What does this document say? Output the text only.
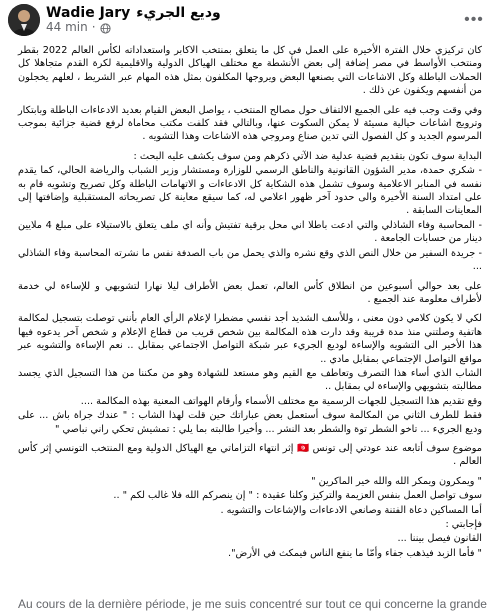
Wadie Jary وديع الجريء
44 min ·	•••

كان تركيزي خلال الفترة الأخيرة على العمل في كل ما يتعلق بمنتخب الاكابر واستعداداته لكأس العالم 2022 بقطر ومنتخب الأواسط في مصر إضافة إلى بعض الأنشطة مع مختلف الهياكل الدولية والاقليمية لكرة القدم متجاهلا كل الحملات الباطلة وكل الاشاعات التي يصنعها البعض ويروجها المكلفون بمثل هذه المهام عبر الشريط ، لعلهم يخجلون من أنفسهم ويكفون عن ذلك .

وفي وقت وجب فيه على الجميع الالتفاف حول مصالح المنتخب ، يواصل البعض القيام بعديد الادعاءات الباطلة وبابتكار وترويج اشاعات حيالية مسيئة لا يمكن السكوت عنها، وبالتالي فقد كلفت مكتب محاماة لرفع قضية جزائية بموجب المرسوم الجديد و كل الفصول التي تدين صناع ومروجي هذه الاشاعات وهذا التشويه .

البداية سوف تكون بتقديم قضية عدلية ضد الآتي ذكرهم ومن سوف يكشف عليه البحث :

- شكري حمدة، مدير الشؤون القانونية والناطق الرسمي للوزارة ومستشار وزير الشباب والرياضة الحالي، كما يقدم نفسه في المنابر الاعلامية وسوف تشمل هذه الشكاية كل الادعاءات و الاتهامات الباطلة وكل تصريح وتشويه قام به على امتداد السنة الأخيرة والى حدود آخر ظهور اعلامي له، كما سيقع معاينة كل تصريحاته المستقبلية وإضافتها إلى المعاينات السابقة .

- المحاسبة وفاء الشاذلي والتي ادعت باطلا اني محل برقية تفتيش وأنه اي ملف يتعلق بالاستيلاء على مبلغ 4 ملايين دينار من حسابات الجامعة .

- جريدة السفير من خلال النص الذي وقع نشره والذي يحمل من باب الصدفة نفس ما نشرته المحاسبة وفاء الشاذلي ...

على بعد حوالي أسبوعين من انطلاق كأس العالم، تعمل بعض الأطراف ليلا نهارا لتشويهي و للإساءة لي خدمة لأطراف معلومة عند الجميع .

لكي لا يكون كلامي دون معنى ، وللأسف الشديد أجد نفسي مضطرا لإعلام الرأي العام بأنني توصلت بتسجيل لمكالمة هاتفية وصلتني منذ مدة قريبة وقد دارت هذه المكالمة بين شخص قريب من قطاع الإعلام و شخص آخر يدعوه فيها هذا الأخير الى التشويه والإساءة لوديع الجريء عبر شبكة التواصل الاجتماعي بمقابل .. نعم الإساءة والتشويه عبر مواقع التواصل الإجتماعي بمقابل مادي ..

الشاب الذي أساء هذا التصرف وتعاطف مع القيم وهو مستعد للشهادة وهو من مكننا من هذا التسجيل الذي يجسد مطالبته بتشويهي والإساءة لي بمقابل ..

وقع تقديم هذا التسجيل للجهات الرسمية مع مختلف الأسماء وأرقام الهواتف المعنية بهذه المكالمة ....

فقط للطرف الثاني من المكالمة سوف أستعمل بعض عباراتك حين قلت لهذا الشاب : " عندك جراة باش ... على وديع الجريء ... تاخو الشطر توة والشطر بعد النشر ... وأخيرا طالبته بما يلي : تمشيش تحكي راني نباصي "

موضوع سوف أتابعه عند عودتي إلى تونس 🇹🇳 إثر انتهاء التزاماتي مع الهياكل الدولية ومع المنتخب التونسي إثر كأس العالم .

" ويمكرون ويمكر الله والله خير الماكرين "

سوف تواصل العمل بنفس العزيمة والتركيز وكلنا عقيدة : " إن ينصركم الله فلا غالب لكم " ..

أما المساكين دعاة الفتنة وصانعي الادعاءات والإشاعات والتشويه .

فإجابتي :

القانون فيصل بيننا ...

" فأما الزبد فيذهب جفاء وأمّا ما ينفع الناس فيمكث في الأرض".

Au cours de la dernière période, je me suis concentré sur tout ce qui concerne la grande
